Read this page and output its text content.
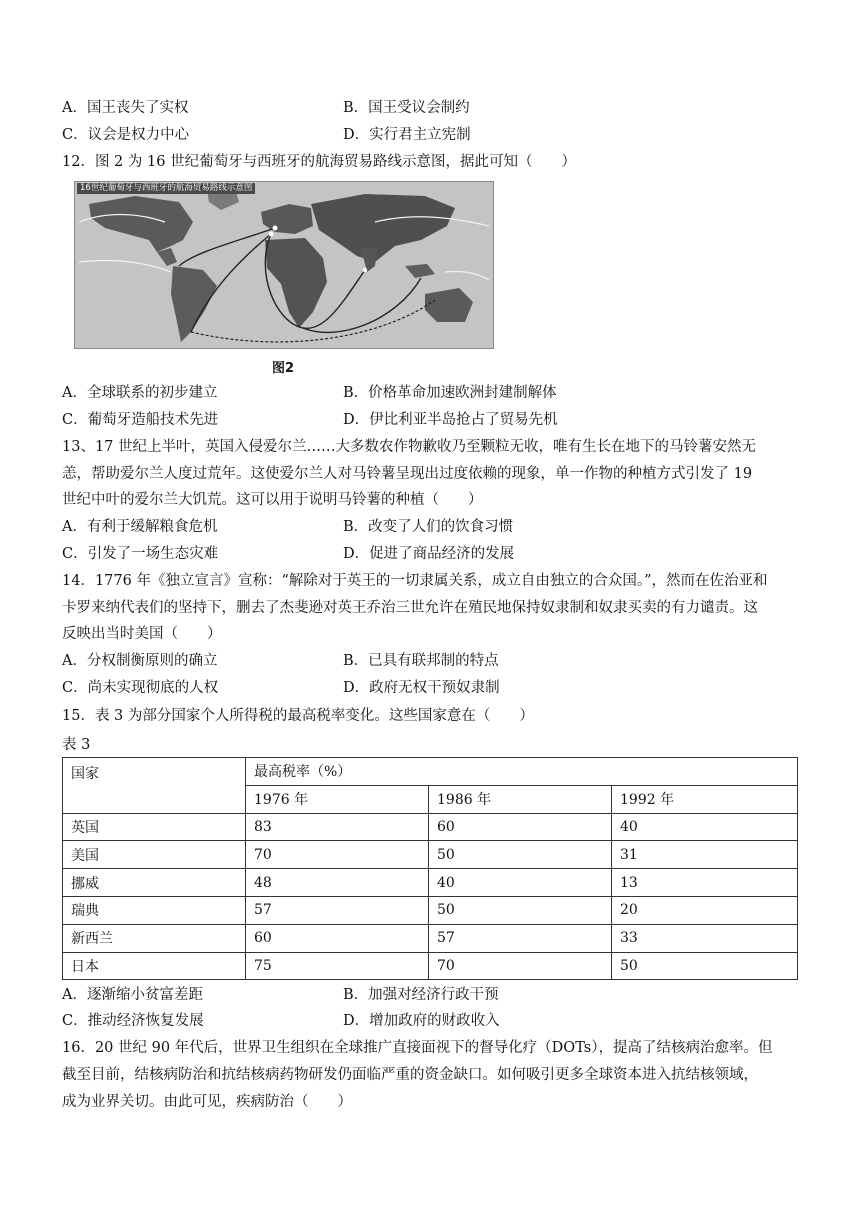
A．国王丧失了实权	B．国王受议会制约
C．议会是权力中心	D．实行君主立宪制
12．图 2 为 16 世纪葡萄牙与西班牙的航海贸易路线示意图，据此可知（　　）
16世纪葡萄牙与西班牙的航海贸易路线示意图
图2
A．全球联系的初步建立	B．价格革命加速欧洲封建制解体
C．葡萄牙造船技术先进	D．伊比利亚半岛抢占了贸易先机
13、17 世纪上半叶，英国入侵爱尔兰……大多数农作物歉收乃至颗粒无收，唯有生长在地下的马铃薯安然无
恙，帮助爱尔兰人度过荒年。这使爱尔兰人对马铃薯呈现出过度依赖的现象，单一作物的种植方式引发了 19
世纪中叶的爱尔兰大饥荒。这可以用于说明马铃薯的种植（　　）
A．有利于缓解粮食危机	B．改变了人们的饮食习惯
C．引发了一场生态灾难	D．促进了商品经济的发展
14．1776 年《独立宣言》宣称：“解除对于英王的一切隶属关系，成立自由独立的合众国。”，然而在佐治亚和
卡罗来纳代表们的坚持下，删去了杰斐逊对英王乔治三世允许在殖民地保持奴隶制和奴隶买卖的有力谴责。这
反映出当时美国（　　）
A．分权制衡原则的确立	B．已具有联邦制的特点
C．尚未实现彻底的人权	D．政府无权干预奴隶制
15．表 3 为部分国家个人所得税的最高税率变化。这些国家意在（　　）
表 3
国家	最高税率（%）		
	1976 年	1986 年	1992 年
英国	83	60	40
美国	70	50	31
挪威	48	40	13
瑞典	57	50	20
新西兰	60	57	33
日本	75	70	50
A．逐渐缩小贫富差距	B．加强对经济行政干预
C．推动经济恢复发展	D．增加政府的财政收入
16．20 世纪 90 年代后，世界卫生组织在全球推广直接面视下的督导化疗（DOTs），提高了结核病治愈率。但
截至目前，结核病防治和抗结核病药物研发仍面临严重的资金缺口。如何吸引更多全球资本进入抗结核领域，
成为业界关切。由此可见，疾病防治（　　）
